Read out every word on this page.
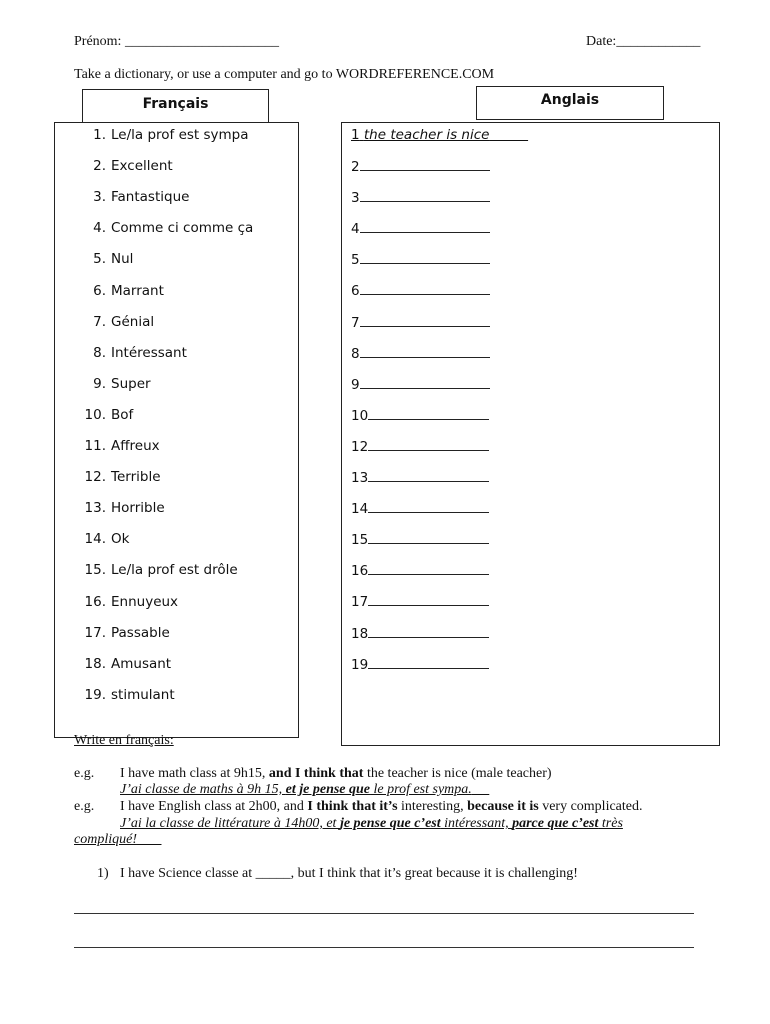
Prénom: ______________________	Date:____________
Take a dictionary, or use a computer and go to WORDREFERENCE.COM
Français
1. Le/la prof est sympa
2. Excellent
3. Fantastique
4. Comme ci comme ça
5. Nul
6. Marrant
7. Génial
8. Intéressant
9. Super
10. Bof
11. Affreux
12. Terrible
13. Horrible
14. Ok
15. Le/la prof est drôle
16. Ennuyeux
17. Passable
18. Amusant
19. stimulant
Anglais
1 the teacher is nice
2
3
4
5
6
7
8
9
10
12
13
14
15
16
17
18
19
Write en français:
e.g. I have math class at 9h15, and I think that the teacher is nice (male teacher)
J’ai classe de maths à 9h 15, et je pense que le prof est sympa.
e.g. I have English class at 2h00, and I think that it’s interesting, because it is very complicated.
J’ai la classe de littérature à 14h00, et je pense que c’est intéressant, parce que c’est très
compliqué!
1) I have Science classe at _____, but I think that it’s great because it is challenging!
